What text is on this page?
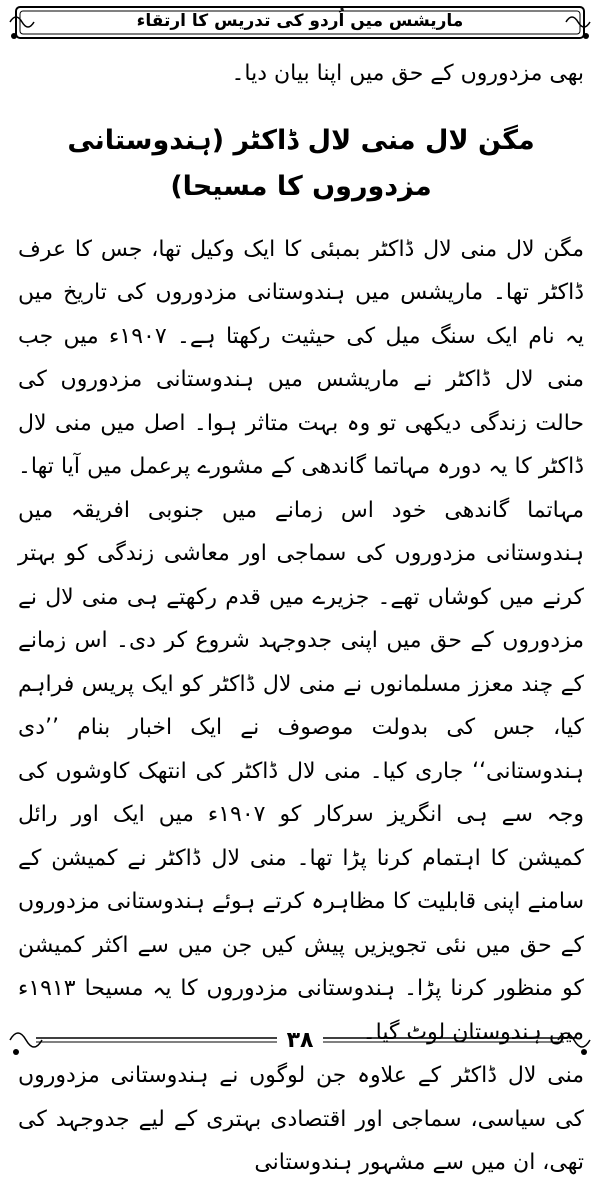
ماریشس میں اُردو کی تدریس کا ارتقاء

بھی مزدوروں کے حق میں اپنا بیان دیا۔

مگن لال منی لال ڈاکٹر (ہندوستانی مزدوروں کا مسیحا)

مگن لال منی لال ڈاکٹر بمبئی کا ایک وکیل تھا، جس کا عرف ڈاکٹر تھا۔ ماریشس میں ہندوستانی مزدوروں کی تاریخ میں یہ نام ایک سنگ میل کی حیثیت رکھتا ہے۔ ۱۹۰۷ء میں جب منی لال ڈاکٹر نے ماریشس میں ہندوستانی مزدوروں کی حالت زندگی دیکھی تو وہ بہت متاثر ہوا۔ اصل میں منی لال ڈاکٹر کا یہ دورہ مہاتما گاندھی کے مشورے پرعمل میں آیا تھا۔ مہاتما گاندھی خود اس زمانے میں جنوبی افریقہ میں ہندوستانی مزدوروں کی سماجی اور معاشی زندگی کو بہتر کرنے میں کوشاں تھے۔ جزیرے میں قدم رکھتے ہی منی لال نے مزدوروں کے حق میں اپنی جدوجہد شروع کر دی۔ اس زمانے کے چند معزز مسلمانوں نے منی لال ڈاکٹر کو ایک پریس فراہم کیا، جس کی بدولت موصوف نے ایک اخبار بنام ’’دی ہندوستانی‘‘ جاری کیا۔ منی لال ڈاکٹر کی انتھک کاوشوں کی وجہ سے ہی انگریز سرکار کو ۱۹۰۷ء میں ایک اور رائل کمیشن کا اہتمام کرنا پڑا تھا۔ منی لال ڈاکٹر نے کمیشن کے سامنے اپنی قابلیت کا مظاہرہ کرتے ہوئے ہندوستانی مزدوروں کے حق میں نئی تجویزیں پیش کیں جن میں سے اکثر کمیشن کو منظور کرنا پڑا۔ ہندوستانی مزدوروں کا یہ مسیحا ۱۹۱۳ء میں ہندوستان لوٹ گیا۔

منی لال ڈاکٹر کے علاوہ جن لوگوں نے ہندوستانی مزدوروں کی سیاسی، سماجی اور اقتصادی بہتری کے لیے جدوجہد کی تھی، ان میں سے مشہور ہندوستانی

۳۸
